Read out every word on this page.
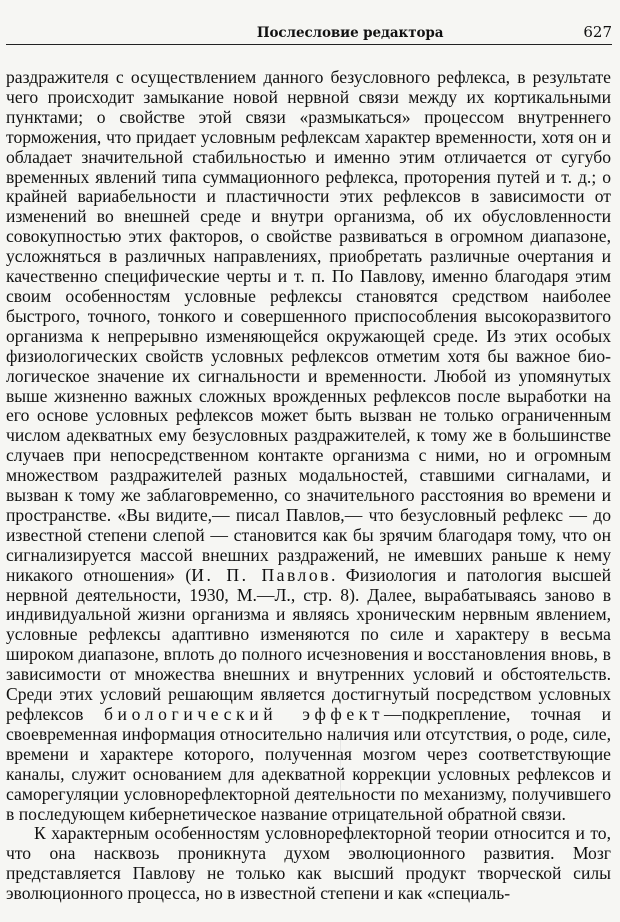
Послесловие редактора	627

раздражителя с осуществлением данного безусловного рефлекса, в результате чего происходит замыкание новой нервной связи между их кортикальными пунктами; о свойстве этой связи «размыкаться» процессом внутреннего торможения, что придает условным рефлексам характер временности, хотя он и обладает значительной стабильностью и именно этим отличается от сугубо временных явлений типа суммационного рефлекса, проторения путей и т. д.; о крайней вариабельности и пластичности этих рефлексов в зависимости от изменений во внешней среде и внутри организма, об их обусловленности совокупностью этих факторов, о свойстве развиваться в огромном диапазоне, усложняться в различных направлениях, приобретать различные очертания и качественно специфические черты и т. п. По Павлову, именно благодаря этим своим особенностям условные рефлексы становятся средством наиболее быстрого, точного, тонкого и совершенного приспособления высокоразвитого организма к непрерывно изменяющейся окружающей среде. Из этих особых физиологических свойств условных рефлексов отметим хотя бы важное биологическое значение их сигнальности и временности. Любой из упомянутых выше жизненно важных сложных врожденных рефлексов после выработки на его основе условных рефлексов может быть вызван не только ограниченным числом адекватных ему безусловных раздражителей, к тому же в большинстве случаев при непосредственном контакте организма с ними, но и огромным множеством раздражителей разных модальностей, ставшими сигналами, и вызван к тому же заблаговременно, со значительного расстояния во времени и пространстве. «Вы видите,— писал Павлов,— что безусловный рефлекс — до известной степени слепой — становится как бы зрячим благодаря тому, что он сигнализируется массой внешних раздражений, не имевших раньше к нему никакого отношения» (И. П. Павлов. Физиология и патология высшей нервной деятельности, 1930, М.—Л., стр. 8). Далее, вырабатываясь заново в индивидуальной жизни организма и являясь хроническим нервным явлением, условные рефлексы адаптивно изменяются по силе и характеру в весьма широком диапазоне, вплоть до полного исчезновения и восстановления вновь, в зависимости от множества внешних и внутренних условий и обстоятельств. Среди этих условий решающим является достигнутый посредством условных рефлексов биологический эффект—подкрепление, точная и своевременная информация относительно наличия или отсутствия, о роде, силе, времени и характере которого, полученная мозгом через соответствующие каналы, служит основанием для адекватной коррекции условных рефлексов и саморегуляции условнорефлекторной деятельности по механизму, получившего в последующем кибернетическое название отрицательной обратной связи.

К характерным особенностям условнорефлекторной теории относится и то, что она насквозь проникнута духом эволюционного развития. Мозг представляется Павлову не только как высший продукт творческой силы эволюционного процесса, но в известной степени и как «специаль-
